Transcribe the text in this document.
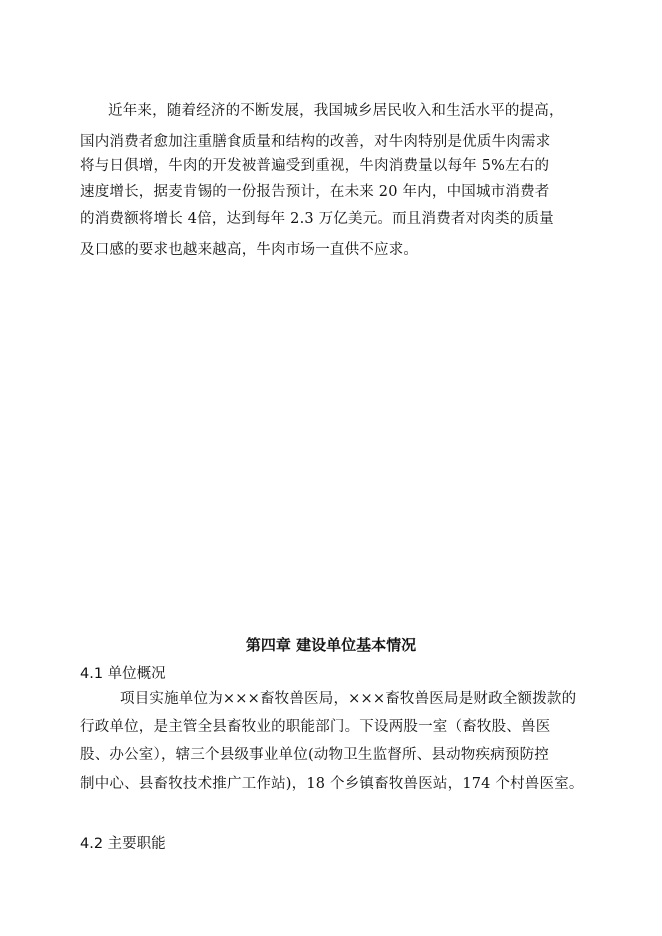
近年来，随着经济的不断发展，我国城乡居民收入和生活水平的提高，
国内消费者愈加注重膳食质量和结构的改善，对牛肉特别是优质牛肉需求
将与日俱增，牛肉的开发被普遍受到重视，牛肉消费量以每年 5%左右的
速度增长，据麦肯锡的一份报告预计，在未来 20 年内，中国城市消费者
的消费额将增长 4倍，达到每年 2.3 万亿美元。而且消费者对肉类的质量
及口感的要求也越来越高，牛肉市场一直供不应求。
第四章 建设单位基本情况
4.1 单位概况
项目实施单位为×××畜牧兽医局，×××畜牧兽医局是财政全额拨款的
行政单位，是主管全县畜牧业的职能部门。下设两股一室（畜牧股、兽医
股、办公室），辖三个县级事业单位(动物卫生监督所、县动物疾病预防控
制中心、县畜牧技术推广工作站)，18 个乡镇畜牧兽医站，174 个村兽医室。
4.2 主要职能
